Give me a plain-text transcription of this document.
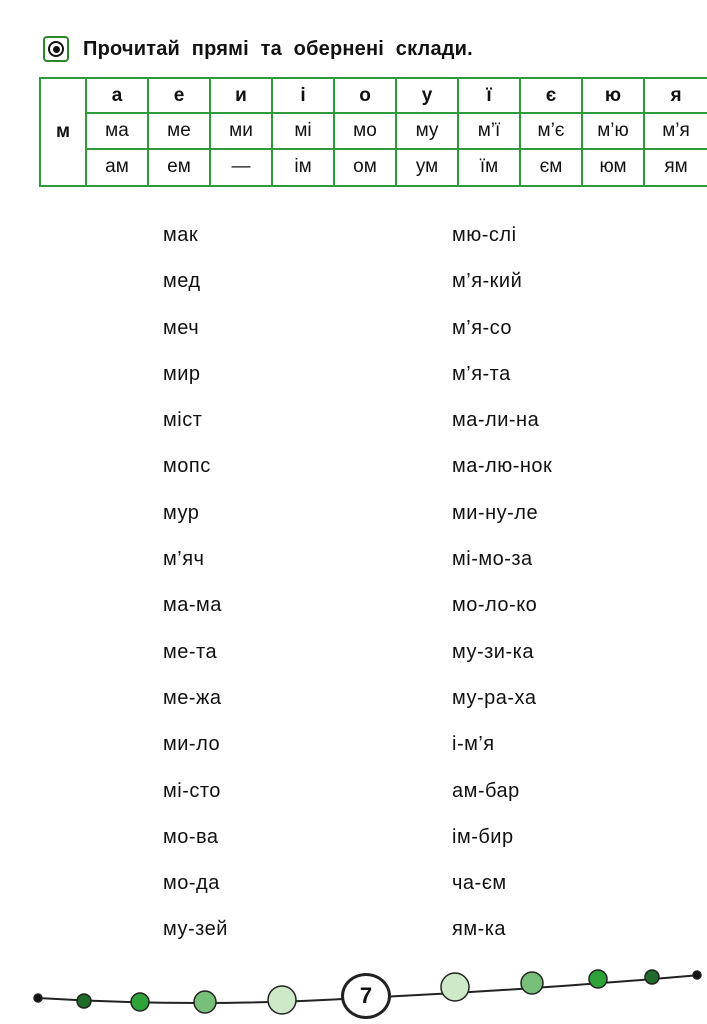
Прочитай прямі та обернені склади.
м
а	е	и	і	о	у	ї	є	ю	я
ма	ме	ми	мі	мо	му	м’ї	м’є	м’ю	м’я
ам	ем	—	ім	ом	ум	їм	єм	юм	ям
мак
мед
меч
мир
міст
мопс
мур
м’яч
ма-ма
ме-та
ме-жа
ми-ло
мі-сто
мо-ва
мо-да
му-зей
мю-слі
м’я-кий
м’я-со
м’я-та
ма-ли-на
ма-лю-нок
ми-ну-ле
мі-мо-за
мо-ло-ко
му-зи-ка
му-ра-ха
і-м’я
ам-бар
ім-бир
ча-єм
ям-ка
7
